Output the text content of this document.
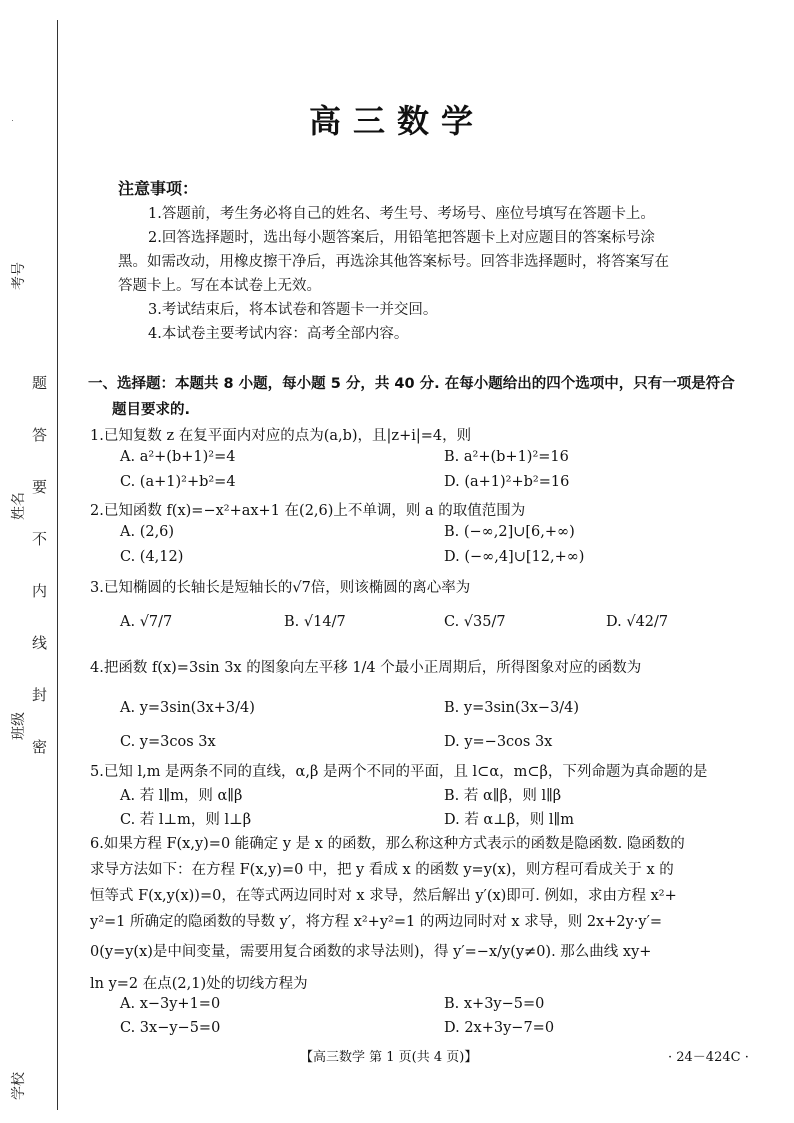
题
答
要
不
内
线
封
密
学校
班级
姓名
考号
高三数学
注意事项：
1.答题前，考生务必将自己的姓名、考生号、考场号、座位号填写在答题卡上。
2.回答选择题时，选出每小题答案后，用铅笔把答题卡上对应题目的答案标号涂
黑。如需改动，用橡皮擦干净后，再选涂其他答案标号。回答非选择题时，将答案写在
答题卡上。写在本试卷上无效。
3.考试结束后，将本试卷和答题卡一并交回。
4.本试卷主要考试内容：高考全部内容。
一、选择题：本题共 8 小题，每小题 5 分，共 40 分. 在每小题给出的四个选项中，只有一项是符合
题目要求的.
1.已知复数 z 在复平面内对应的点为(a,b)，且|z+i|=4，则
A. a²+(b+1)²=4	B. a²+(b+1)²=16
C. (a+1)²+b²=4	D. (a+1)²+b²=16
2.已知函数 f(x)=−x²+ax+1 在(2,6)上不单调，则 a 的取值范围为
A. (2,6)	B. (−∞,2]∪[6,+∞)
C. (4,12)	D. (−∞,4]∪[12,+∞)
3.已知椭圆的长轴长是短轴长的√7倍，则该椭圆的离心率为
A. √7/7	B. √14/7	C. √35/7	D. √42/7
4.把函数 f(x)=3sin 3x 的图象向左平移 1/4 个最小正周期后，所得图象对应的函数为
A. y=3sin(3x+3/4)	B. y=3sin(3x−3/4)
C. y=3cos 3x	D. y=−3cos 3x
5.已知 l,m 是两条不同的直线，α,β 是两个不同的平面，且 l⊂α，m⊂β，下列命题为真命题的是
A. 若 l∥m，则 α∥β	B. 若 α∥β，则 l∥β
C. 若 l⊥m，则 l⊥β	D. 若 α⊥β，则 l∥m
6.如果方程 F(x,y)=0 能确定 y 是 x 的函数，那么称这种方式表示的函数是隐函数. 隐函数的
求导方法如下：在方程 F(x,y)=0 中，把 y 看成 x 的函数 y=y(x)，则方程可看成关于 x 的
恒等式 F(x,y(x))=0，在等式两边同时对 x 求导，然后解出 y′(x)即可. 例如，求由方程 x²+
y²=1 所确定的隐函数的导数 y′，将方程 x²+y²=1 的两边同时对 x 求导，则 2x+2y·y′=
0(y=y(x)是中间变量，需要用复合函数的求导法则)，得 y′=−x/y(y≠0). 那么曲线 xy+
ln y=2 在点(2,1)处的切线方程为
A. x−3y+1=0	B. x+3y−5=0
C. 3x−y−5=0	D. 2x+3y−7=0
【高三数学 第 1 页(共 4 页)】	· 24－424C ·
